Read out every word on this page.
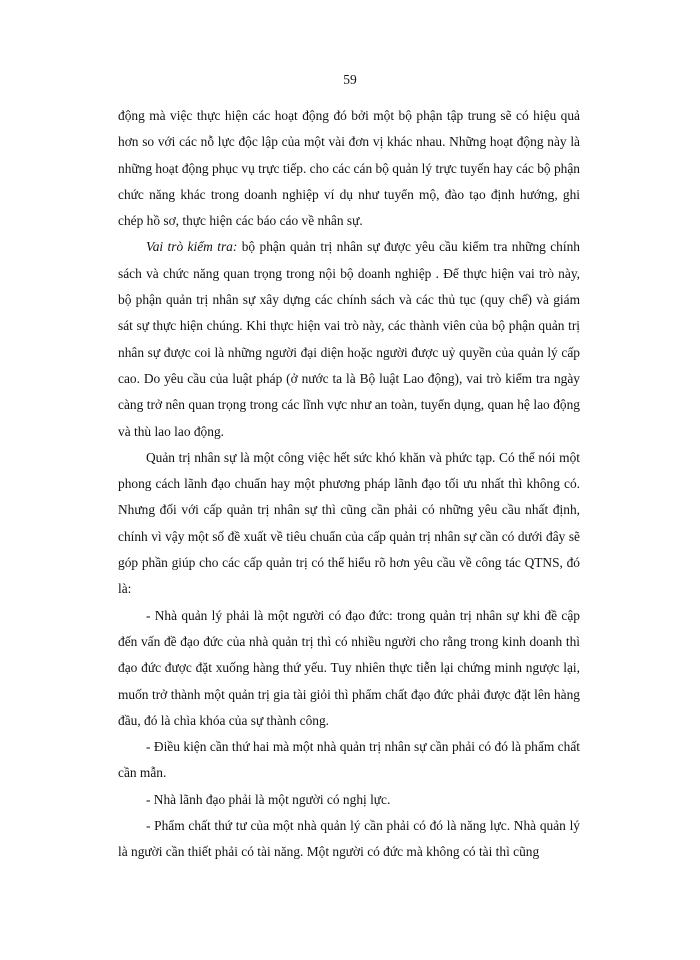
59

động mà việc thực hiện các hoạt động đó bởi một bộ phận tập trung sẽ có hiệu quả hơn so với các nỗ lực độc lập của một vài đơn vị khác nhau. Những hoạt động này là những hoạt động phục vụ trực tiếp. cho các cán bộ quản lý trực tuyến hay các bộ phận chức năng khác trong doanh nghiệp ví dụ như tuyển mộ, đào tạo định hướng, ghi chép hồ sơ, thực hiện các báo cáo về nhân sự.

Vai trò kiểm tra: bộ phận quản trị nhân sự được yêu cầu kiểm tra những chính sách và chức năng quan trọng trong nội bộ doanh nghiệp . Để thực hiện vai trò này, bộ phận quản trị nhân sự xây dựng các chính sách và các thủ tục (quy chế) và giám sát sự thực hiện chúng. Khi thực hiện vai trò này, các thành viên của bộ phận quản trị nhân sự được coi là những người đại diện hoặc người được uỷ quyền của quản lý cấp cao. Do yêu cầu của luật pháp (ở nước ta là Bộ luật Lao động), vai trò kiểm tra ngày càng trở nên quan trọng trong các lĩnh vực như an toàn, tuyển dụng, quan hệ lao động và thù lao lao động.

Quản trị nhân sự là một công việc hết sức khó khăn và phức tạp. Có thể nói một phong cách lãnh đạo chuẩn hay một phương pháp lãnh đạo tối ưu nhất thì không có. Nhưng đối với cấp quản trị nhân sự thì cũng cần phải có những yêu cầu nhất định, chính vì vậy một số đề xuất về tiêu chuẩn của cấp quản trị nhân sự cần có dưới đây sẽ góp phần giúp cho các cấp quản trị có thể hiểu rõ hơn yêu cầu về công tác QTNS, đó là:

- Nhà quản lý phải là một người có đạo đức: trong quản trị nhân sự khi đề cập đến vấn đề đạo đức của nhà quản trị thì có nhiều người cho rằng trong kinh doanh thì đạo đức được đặt xuống hàng thứ yếu. Tuy nhiên thực tiễn lại chứng minh ngược lại, muốn trở thành một quản trị gia tài giỏi thì phẩm chất đạo đức phải được đặt lên hàng đầu, đó là chìa khóa của sự thành công.

- Điều kiện cần thứ hai mà một nhà quản trị nhân sự cần phải có đó là phẩm chất cần mẫn.

- Nhà lãnh đạo phải là một người có nghị lực.

- Phẩm chất thứ tư của một nhà quản lý cần phải có đó là năng lực. Nhà quản lý là người cần thiết phải có tài năng. Một người có đức mà không có tài thì cũng
